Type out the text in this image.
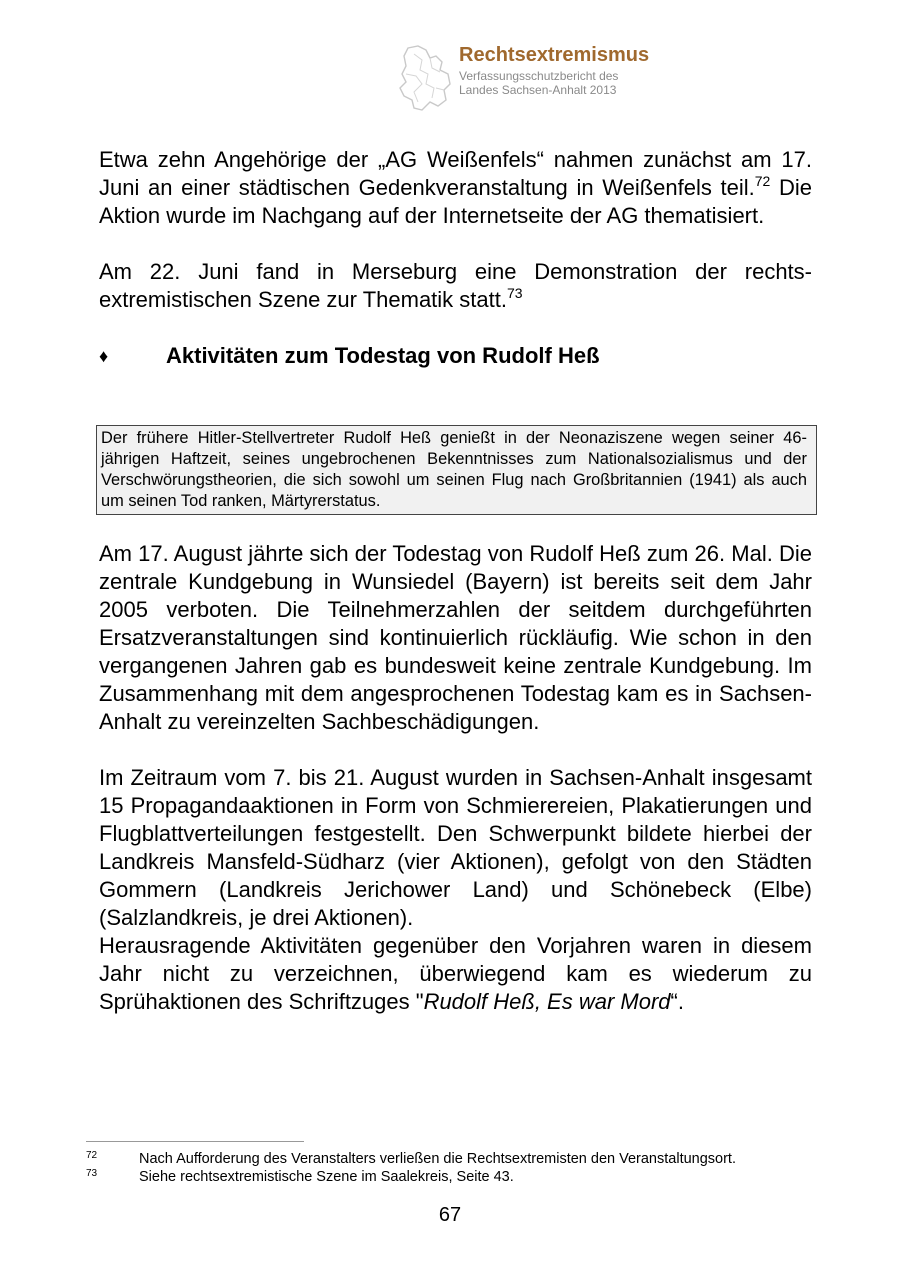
Rechtsextremismus
Verfassungsschutzbericht des
Landes Sachsen-Anhalt 2013

Etwa zehn Angehörige der „AG Weißenfels“ nahmen zunächst am 17. Juni an einer städtischen Gedenkveranstaltung in Weißenfels teil.$^{72}$ Die Aktion wurde im Nachgang auf der Internetseite der AG thematisiert.

Am 22. Juni fand in Merseburg eine Demonstration der rechtsextremistischen Szene zur Thematik statt.$^{73}$

♦	Aktivitäten zum Todestag von Rudolf Heß
Der frühere Hitler-Stellvertreter Rudolf Heß genießt in der Neonaziszene wegen seiner 46-jährigen Haftzeit, seines ungebrochenen Bekenntnisses zum Nationalsozialismus und der Verschwörungstheorien, die sich sowohl um seinen Flug nach Großbritannien (1941) als auch um seinen Tod ranken, Märtyrerstatus.

Am 17. August jährte sich der Todestag von Rudolf Heß zum 26. Mal. Die zentrale Kundgebung in Wunsiedel (Bayern) ist bereits seit dem Jahr 2005 verboten. Die Teilnehmerzahlen der seitdem durchgeführten Ersatzveranstaltungen sind kontinuierlich rückläufig. Wie schon in den vergangenen Jahren gab es bundesweit keine zentrale Kundgebung. Im Zusammenhang mit dem angesprochenen Todestag kam es in Sachsen-Anhalt zu vereinzelten Sachbeschädigungen.

Im Zeitraum vom 7. bis 21. August wurden in Sachsen-Anhalt insgesamt 15 Propagandaaktionen in Form von Schmierereien, Plakatierungen und Flugblattverteilungen festgestellt. Den Schwerpunkt bildete hierbei der Landkreis Mansfeld-Südharz (vier Aktionen), gefolgt von den Städten Gommern (Landkreis Jerichower Land) und Schönebeck (Elbe) (Salzlandkreis, je drei Aktionen).

Herausragende Aktivitäten gegenüber den Vorjahren waren in diesem Jahr nicht zu verzeichnen, überwiegend kam es wiederum zu Sprühaktionen des Schriftzuges "Rudolf Heß, Es war Mord“.

72	Nach Aufforderung des Veranstalters verließen die Rechtsextremisten den Veranstaltungsort.
73	Siehe rechtsextremistische Szene im Saalekreis, Seite 43.
67
